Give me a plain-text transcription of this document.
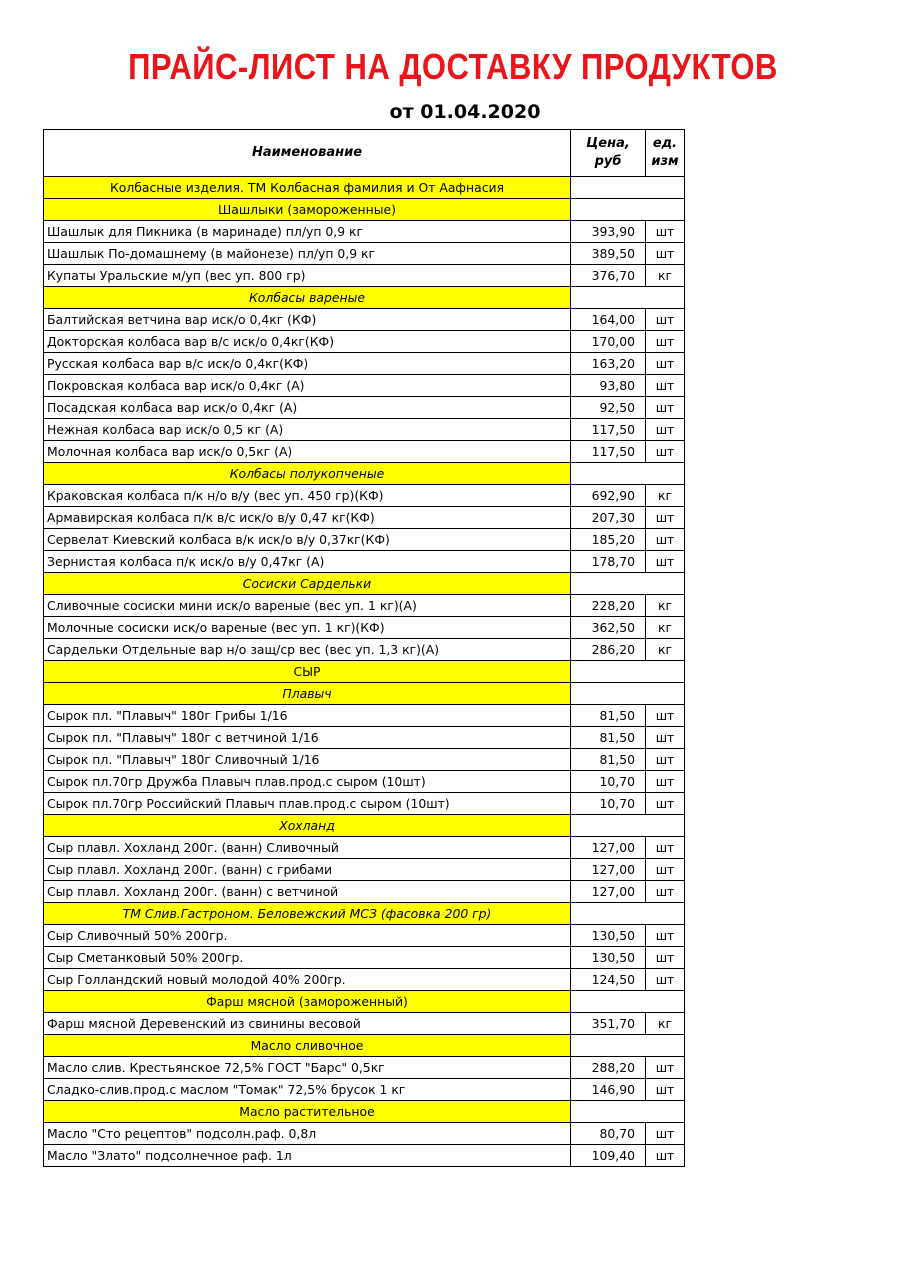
ПРАЙС-ЛИСТ НА ДОСТАВКУ ПРОДУКТОВ
от 01.04.2020
Наименование	Цена, руб	ед. изм
Колбасные изделия. ТМ Колбасная фамилия и От Аафнасия		
Шашлыки (замороженные)		
Шашлык для Пикника (в маринаде) пл/уп 0,9 кг	393,90	шт
Шашлык По-домашнему (в майонезе) пл/уп 0,9 кг	389,50	шт
Купаты Уральские м/уп (вес уп. 800 гр)	376,70	кг
Колбасы вареные		
Балтийская ветчина вар иск/о 0,4кг (КФ)	164,00	шт
Докторская колбаса вар в/с иск/о 0,4кг(КФ)	170,00	шт
Русская колбаса вар в/с иск/о 0,4кг(КФ)	163,20	шт
Покровская колбаса вар иск/о 0,4кг (А)	93,80	шт
Посадская колбаса вар иск/о 0,4кг (А)	92,50	шт
Нежная колбаса вар иск/о 0,5 кг (А)	117,50	шт
Молочная колбаса вар иск/о 0,5кг (А)	117,50	шт
Колбасы полукопченые		
Краковская колбаса п/к н/о в/у (вес уп. 450 гр)(КФ)	692,90	кг
Армавирская колбаса п/к в/с иск/о в/у 0,47 кг(КФ)	207,30	шт
Сервелат Киевский колбаса в/к иск/о в/у 0,37кг(КФ)	185,20	шт
Зернистая колбаса п/к иск/о в/у 0,47кг (А)	178,70	шт
Сосиски Сардельки		
Сливочные сосиски мини иск/о вареные (вес уп. 1 кг)(А)	228,20	кг
Молочные сосиски иск/о вареные (вес уп. 1 кг)(КФ)	362,50	кг
Сардельки Отдельные вар н/о защ/ср вес (вес уп. 1,3 кг)(А)	286,20	кг
СЫР		
Плавыч		
Сырок пл. "Плавыч" 180г Грибы 1/16	81,50	шт
Сырок пл. "Плавыч" 180г с ветчиной 1/16	81,50	шт
Сырок пл. "Плавыч" 180г Сливочный 1/16	81,50	шт
Сырок пл.70гр Дружба Плавыч плав.прод.с сыром (10шт)	10,70	шт
Сырок пл.70гр Российский Плавыч плав.прод.с сыром (10шт)	10,70	шт
Хохланд		
Сыр плавл. Хохланд 200г. (ванн) Сливочный	127,00	шт
Сыр плавл. Хохланд 200г. (ванн) с грибами	127,00	шт
Сыр плавл. Хохланд 200г. (ванн) с ветчиной	127,00	шт
ТМ Слив.Гастроном. Беловежский МСЗ (фасовка 200 гр)		
Сыр Сливочный 50% 200гр.	130,50	шт
Сыр Сметанковый 50% 200гр.	130,50	шт
Сыр Голландский новый молодой 40% 200гр.	124,50	шт
Фарш мясной (замороженный)		
Фарш мясной Деревенский из свинины весовой	351,70	кг
Масло сливочное		
Масло слив. Крестьянское 72,5% ГОСТ "Барс" 0,5кг	288,20	шт
Сладко-слив.прод.с маслом "Томак" 72,5% брусок 1 кг	146,90	шт
Масло растительное		
Масло "Сто рецептов" подсолн.раф. 0,8л	80,70	шт
Масло "Злато" подсолнечное раф. 1л	109,40	шт
